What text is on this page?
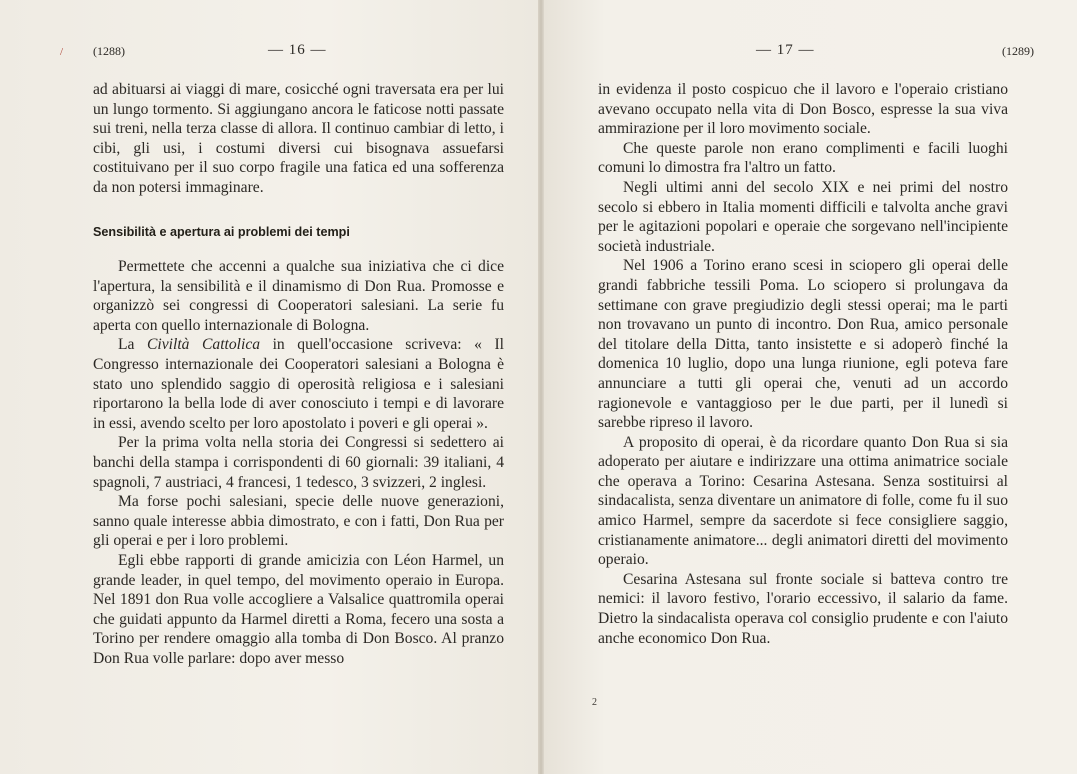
/ (1288)	— 16 —

ad abituarsi ai viaggi di mare, cosicché ogni traversata era per lui un lungo tormento. Si aggiungano ancora le faticose notti passate sui treni, nella terza classe di allora. Il continuo cambiar di letto, i cibi, gli usi, i costumi diversi cui bisognava assuefarsi costituivano per il suo corpo fragile una fatica ed una sofferenza da non potersi immaginare.

Sensibilità e apertura ai problemi dei tempi

Permettete che accenni a qualche sua iniziativa che ci dice l'apertura, la sensibilità e il dinamismo di Don Rua. Promosse e organizzò sei congressi di Cooperatori salesiani. La serie fu aperta con quello internazionale di Bologna.

La Civiltà Cattolica in quell'occasione scriveva: « Il Congresso internazionale dei Cooperatori salesiani a Bologna è stato uno splendido saggio di operosità religiosa e i salesiani riportarono la bella lode di aver conosciuto i tempi e di lavorare in essi, avendo scelto per loro apostolato i poveri e gli operai ».

Per la prima volta nella storia dei Congressi si sedettero ai banchi della stampa i corrispondenti di 60 giornali: 39 italiani, 4 spagnoli, 7 austriaci, 4 francesi, 1 tedesco, 3 svizzeri, 2 inglesi.

Ma forse pochi salesiani, specie delle nuove generazioni, sanno quale interesse abbia dimostrato, e con i fatti, Don Rua per gli operai e per i loro problemi.

Egli ebbe rapporti di grande amicizia con Léon Harmel, un grande leader, in quel tempo, del movimento operaio in Europa. Nel 1891 don Rua volle accogliere a Valsalice quattromila operai che guidati appunto da Harmel diretti a Roma, fecero una sosta a Torino per rendere omaggio alla tomba di Don Bosco. Al pranzo Don Rua volle parlare: dopo aver messo

— 17 —	(1289)

in evidenza il posto cospicuo che il lavoro e l'operaio cristiano avevano occupato nella vita di Don Bosco, espresse la sua viva ammirazione per il loro movimento sociale.

Che queste parole non erano complimenti e facili luoghi comuni lo dimostra fra l'altro un fatto.

Negli ultimi anni del secolo XIX e nei primi del nostro secolo si ebbero in Italia momenti difficili e talvolta anche gravi per le agitazioni popolari e operaie che sorgevano nell'incipiente società industriale.

Nel 1906 a Torino erano scesi in sciopero gli operai delle grandi fabbriche tessili Poma. Lo sciopero si prolungava da settimane con grave pregiudizio degli stessi operai; ma le parti non trovavano un punto di incontro. Don Rua, amico personale del titolare della Ditta, tanto insistette e si adoperò finché la domenica 10 luglio, dopo una lunga riunione, egli poteva fare annunciare a tutti gli operai che, venuti ad un accordo ragionevole e vantaggioso per le due parti, per il lunedì si sarebbe ripreso il lavoro.

A proposito di operai, è da ricordare quanto Don Rua si sia adoperato per aiutare e indirizzare una ottima animatrice sociale che operava a Torino: Cesarina Astesana. Senza sostituirsi al sindacalista, senza diventare un animatore di folle, come fu il suo amico Harmel, sempre da sacerdote si fece consigliere saggio, cristianamente animatore... degli animatori diretti del movimento operaio.

Cesarina Astesana sul fronte sociale si batteva contro tre nemici: il lavoro festivo, l'orario eccessivo, il salario da fame. Dietro la sindacalista operava col consiglio prudente e con l'aiuto anche economico Don Rua.

2
